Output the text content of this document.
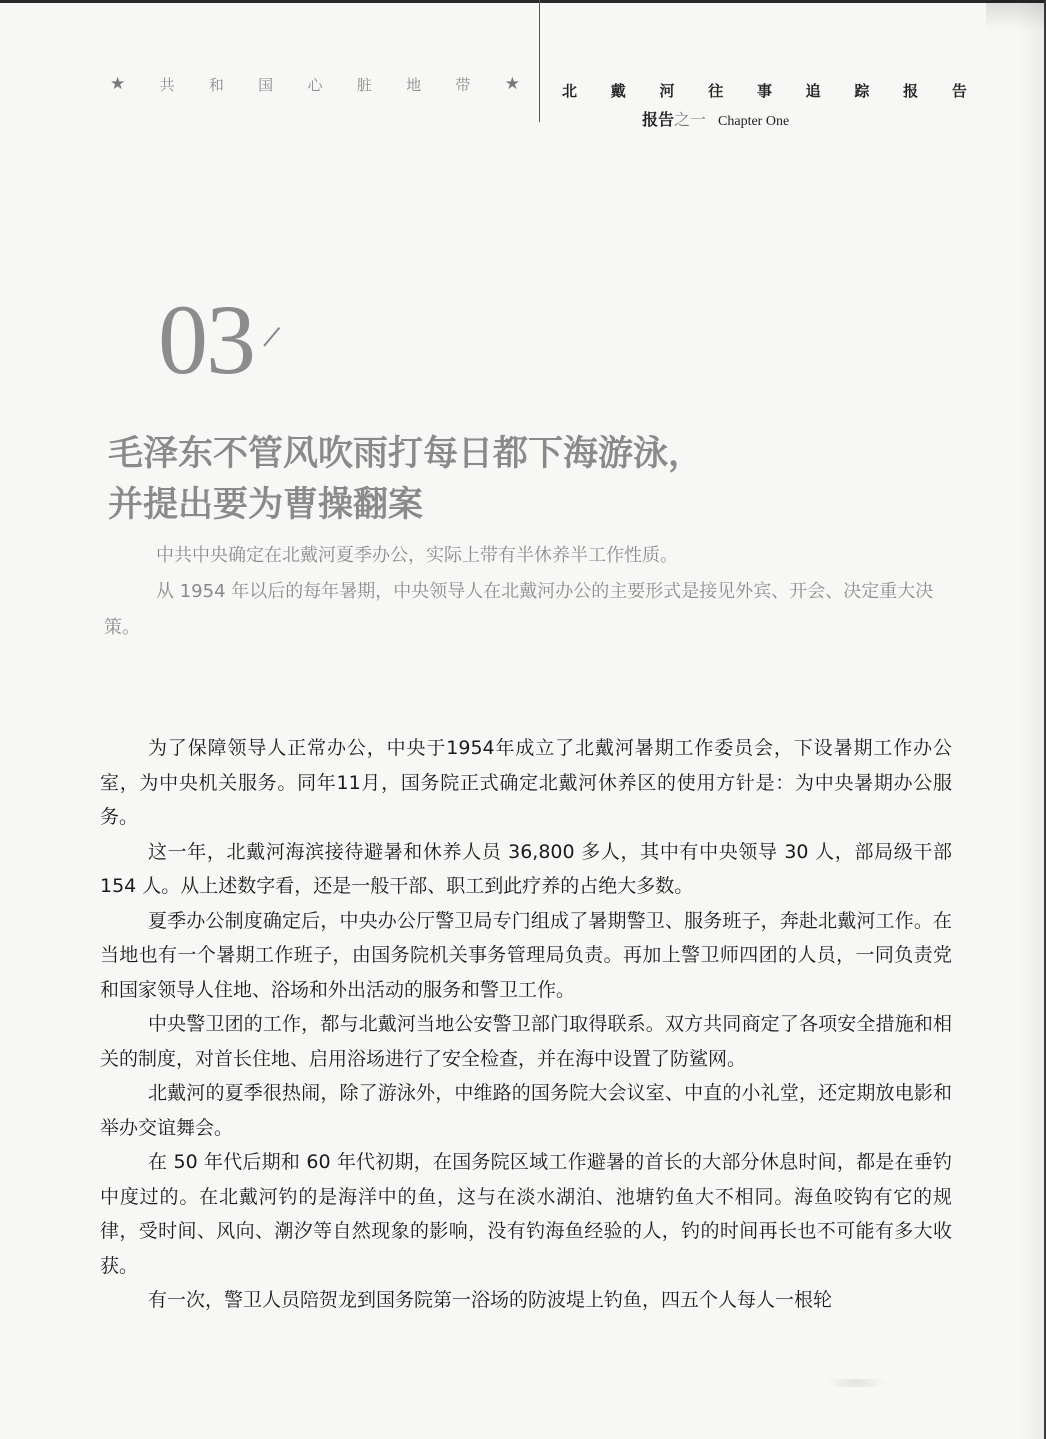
★ 共 和 国 心 脏 地 带 ★	北 戴 河 往 事 追 踪 报 告
报告之一 Chapter One
03
毛泽东不管风吹雨打每日都下海游泳，
并提出要为曹操翻案

中共中央确定在北戴河夏季办公，实际上带有半休养半工作性质。

从 1954 年以后的每年暑期，中央领导人在北戴河办公的主要形式是接见外宾、开会、决定重大决策。

为了保障领导人正常办公，中央于1954年成立了北戴河暑期工作委员会，下设暑期工作办公室，为中央机关服务。同年11月，国务院正式确定北戴河休养区的使用方针是：为中央暑期办公服务。

这一年，北戴河海滨接待避暑和休养人员 36,800 多人，其中有中央领导 30 人，部局级干部 154 人。从上述数字看，还是一般干部、职工到此疗养的占绝大多数。

夏季办公制度确定后，中央办公厅警卫局专门组成了暑期警卫、服务班子，奔赴北戴河工作。在当地也有一个暑期工作班子，由国务院机关事务管理局负责。再加上警卫师四团的人员，一同负责党和国家领导人住地、浴场和外出活动的服务和警卫工作。

中央警卫团的工作，都与北戴河当地公安警卫部门取得联系。双方共同商定了各项安全措施和相关的制度，对首长住地、启用浴场进行了安全检查，并在海中设置了防鲨网。

北戴河的夏季很热闹，除了游泳外，中维路的国务院大会议室、中直的小礼堂，还定期放电影和举办交谊舞会。

在 50 年代后期和 60 年代初期，在国务院区域工作避暑的首长的大部分休息时间，都是在垂钓中度过的。在北戴河钓的是海洋中的鱼，这与在淡水湖泊、池塘钓鱼大不相同。海鱼咬钩有它的规律，受时间、风向、潮汐等自然现象的影响，没有钓海鱼经验的人，钓的时间再长也不可能有多大收获。

有一次，警卫人员陪贺龙到国务院第一浴场的防波堤上钓鱼，四五个人每人一根轮
